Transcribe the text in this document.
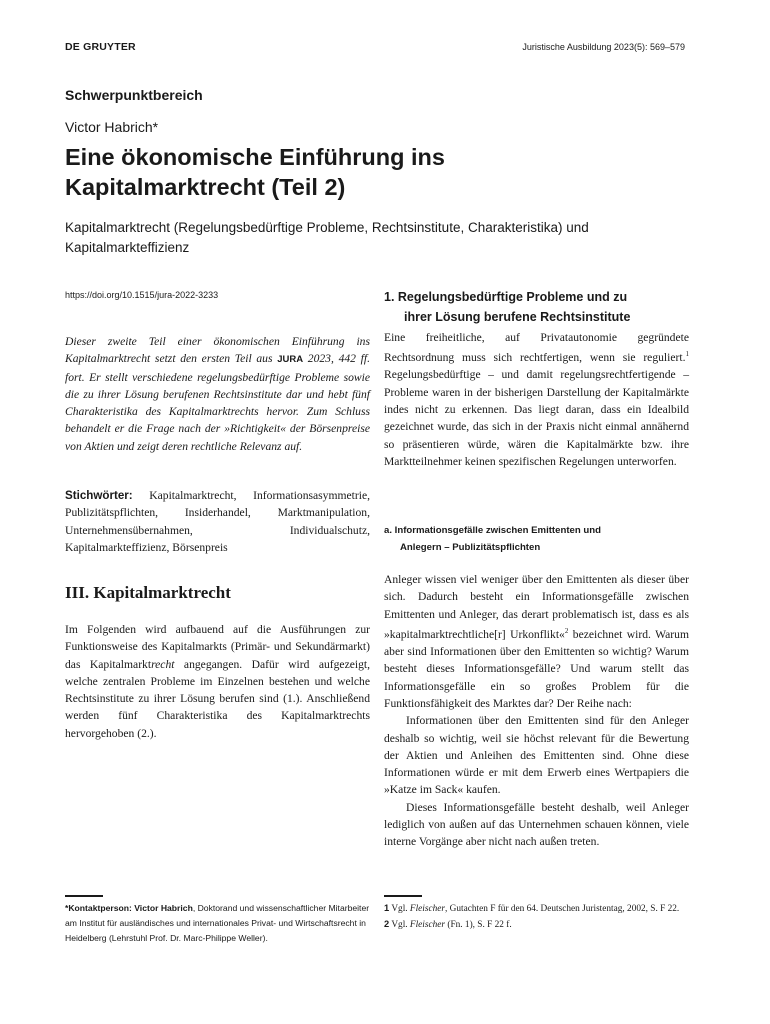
DE GRUYTER	Juristische Ausbildung 2023(5): 569–579
Schwerpunktbereich
Victor Habrich*
Eine ökonomische Einführung ins
Kapitalmarktrecht (Teil 2)
Kapitalmarktrecht (Regelungsbedürftige Probleme, Rechtsinstitute, Charakteristika) und Kapitalmarkteffizienz
https://doi.org/10.1515/jura-2022-3233
Dieser zweite Teil einer ökonomischen Einführung ins Kapitalmarktrecht setzt den ersten Teil aus JURA 2023, 442 ff. fort. Er stellt verschiedene regelungsbedürftige Probleme sowie die zu ihrer Lösung berufenen Rechtsinstitute dar und hebt fünf Charakteristika des Kapitalmarktrechts hervor. Zum Schluss behandelt er die Frage nach der »Richtigkeit« der Börsenpreise von Aktien und zeigt deren rechtliche Relevanz auf.
Stichwörter: Kapitalmarktrecht, Informationsasymmetrie, Publizitätspflichten, Insiderhandel, Marktmanipulation, Unternehmensübernahmen, Individualschutz, Kapitalmarkteffizienz, Börsenpreis
III. Kapitalmarktrecht
Im Folgenden wird aufbauend auf die Ausführungen zur Funktionsweise des Kapitalmarkts (Primär- und Sekundärmarkt) das Kapitalmarktrecht angegangen. Dafür wird aufgezeigt, welche zentralen Probleme im Einzelnen bestehen und welche Rechtsinstitute zu ihrer Lösung berufen sind (1.). Anschließend werden fünf Charakteristika des Kapitalmarktrechts hervorgehoben (2.).
1. Regelungsbedürftige Probleme und zu
ihrer Lösung berufene Rechtsinstitute
Eine freiheitliche, auf Privatautonomie gegründete Rechtsordnung muss sich rechtfertigen, wenn sie reguliert.$^1$ Regelungsbedürftige – und damit regelungsrechtfertigende – Probleme waren in der bisherigen Darstellung der Kapitalmärkte indes nicht zu erkennen. Das liegt daran, dass ein Idealbild gezeichnet wurde, das sich in der Praxis nicht einmal annähernd so präsentieren würde, wären die Kapitalmärkte bzw. ihre Marktteilnehmer keinen spezifischen Regelungen unterworfen.
a. Informationsgefälle zwischen Emittenten und
Anlegern – Publizitätspflichten

Anleger wissen viel weniger über den Emittenten als dieser über sich. Dadurch besteht ein Informationsgefälle zwischen Emittenten und Anleger, das derart problematisch ist, dass es als »kapitalmarktrechtliche[r] Urkonflikt«$^2$ bezeichnet wird. Warum aber sind Informationen über den Emittenten so wichtig? Warum besteht dieses Informationsgefälle? Und warum stellt das Informationsgefälle ein so großes Problem für die Funktionsfähigkeit des Marktes dar? Der Reihe nach:

Informationen über den Emittenten sind für den Anleger deshalb so wichtig, weil sie höchst relevant für die Bewertung der Aktien und Anleihen des Emittenten sind. Ohne diese Informationen würde er mit dem Erwerb eines Wertpapiers die »Katze im Sack« kaufen.

Dieses Informationsgefälle besteht deshalb, weil Anleger lediglich von außen auf das Unternehmen schauen können, viele interne Vorgänge aber nicht nach außen treten.

*Kontaktperson: Victor Habrich, Doktorand und wissenschaftlicher Mitarbeiter am Institut für ausländisches und internationales Privat- und Wirtschaftsrecht in Heidelberg (Lehrstuhl Prof. Dr. Marc-Philippe Weller).
1 Vgl. Fleischer, Gutachten F für den 64. Deutschen Juristentag, 2002, S. F 22.
2 Vgl. Fleischer (Fn. 1), S. F 22 f.
